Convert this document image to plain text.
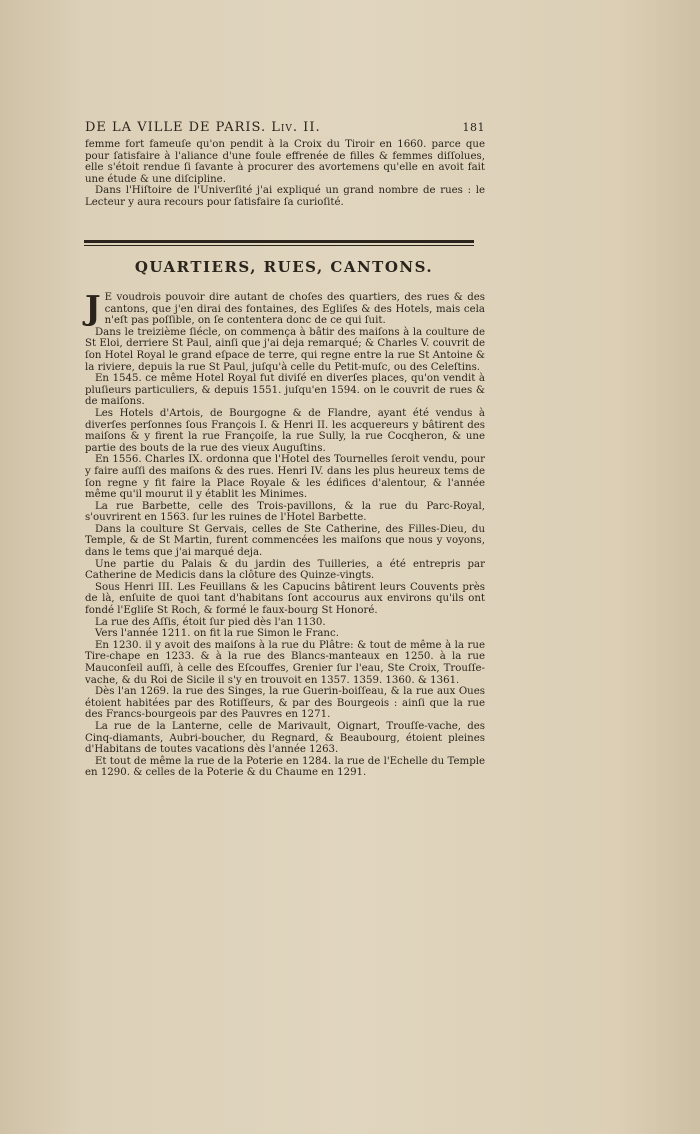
DE LA VILLE DE PARIS. Liv. II.	181

femme fort fameuſe qu'on pendit à la Croix du Tiroir en 1660. parce que pour ſatisfaire à l'aliance d'une foule effrenée de filles & femmes diſſolues, elle s'étoit rendue ſi ſavante à procurer des avortemens qu'elle en avoit fait une étude & une diſcipline.

Dans l'Hiſtoire de l'Univerſité j'ai expliqué un grand nombre de rues : le Lecteur y aura recours pour ſatisfaire ſa curioſité.

QUARTIERS, RUES, CANTONS.

J E voudrois pouvoir dire autant de choſes des quartiers, des rues & des cantons, que j'en dirai des fontaines, des Egliſes & des Hotels, mais cela n'eſt pas poſſible, on ſe contentera donc de ce qui ſuit.

Dans le treizième ſiécle, on commença à bâtir des maiſons à la coulture de St Eloi, derriere St Paul, ainſi que j'ai deja remarqué; & Charles V. couvrit de ſon Hotel Royal le grand eſpace de terre, qui regne entre la rue St Antoine & la riviere, depuis la rue St Paul, juſqu'à celle du Petit-muſc, ou des Celeſtins.

En 1545. ce même Hotel Royal fut diviſé en diverſes places, qu'on vendit à pluſieurs particuliers, & depuis 1551. juſqu'en 1594. on le couvrit de rues & de maiſons.

Les Hotels d'Artois, de Bourgogne & de Flandre, ayant été vendus à diverſes perſonnes ſous François I. & Henri II. les acquereurs y bâtirent des maiſons & y firent la rue Françoiſe, la rue Sully, la rue Cocqheron, & une partie des bouts de la rue des vieux Auguſtins.

En 1556. Charles IX. ordonna que l'Hotel des Tournelles ſeroit vendu, pour y faire auſſi des maiſons & des rues. Henri IV. dans les plus heureux tems de ſon regne y fit faire la Place Royale & les édifices d'alentour, & l'année même qu'il mourut il y établit les Minimes.

La rue Barbette, celle des Trois-pavillons, & la rue du Parc-Royal, s'ouvrirent en 1563. ſur les ruines de l'Hotel Barbette.

Dans la coulture St Gervais, celles de Ste Catherine, des Filles-Dieu, du Temple, & de St Martin, furent commencées les maiſons que nous y voyons, dans le tems que j'ai marqué deja.

Une partie du Palais & du jardin des Tuilleries, a été entrepris par Catherine de Medicis dans la clôture des Quinze-vingts.

Sous Henri III. Les Feuillans & les Capucins bâtirent leurs Couvents près de là, enſuite de quoi tant d'habitans ſont accourus aux environs qu'ils ont fondé l'Egliſe St Roch, & formé le faux-bourg St Honoré.

La rue des Aſſis, étoit ſur pied dès l'an 1130.

Vers l'année 1211. on fit la rue Simon le Franc.

En 1230. il y avoit des maiſons à la rue du Plâtre: & tout de même à la rue Tire-chape en 1233. & à la rue des Blancs-manteaux en 1250. à la rue Mauconſeil auſſi, à celle des Eſcouffes, Grenier ſur l'eau, Ste Croix, Trouſſe-vache, & du Roi de Sicile il s'y en trouvoit en 1357. 1359. 1360. & 1361.

Dès l'an 1269. la rue des Singes, la rue Guerin-boiſſeau, & la rue aux Oues étoient habitées par des Rotiſſeurs, & par des Bourgeois : ainſi que la rue des Francs-bourgeois par des Pauvres en 1271.

La rue de la Lanterne, celle de Marivault, Oignart, Trouſſe-vache, des Cinq-diamants, Aubri-boucher, du Regnard, & Beaubourg, étoient pleines d'Habitans de toutes vacations dès l'année 1263.

Et tout de même la rue de la Poterie en 1284. la rue de l'Echelle du Temple en 1290. & celles de la Poterie & du Chaume en 1291.
